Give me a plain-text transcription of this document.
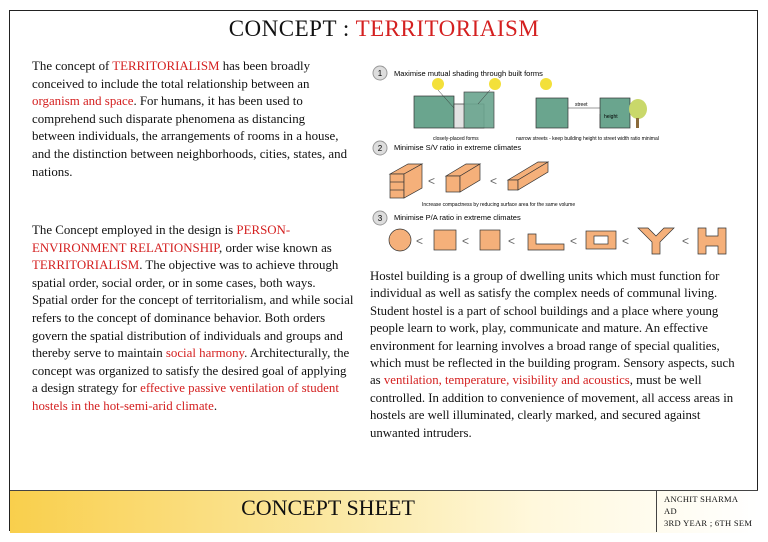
CONCEPT : TERRITORIAISM
The concept of TERRITORIALISM has been broadly conceived to include the total relationship between an organism and space. For humans, it has been used to comprehend such disparate phenomena as distancing between individuals, the arrangements of rooms in a house, and the distinction between neighborhoods, cities, states, and nations.
The Concept employed in the design is PERSON-ENVIRONMENT RELATIONSHIP, order wise known as TERRITORIALISM. The objective was to achieve through spatial order, social order, or in some cases, both ways. Spatial order for the concept of territorialism, and while social refers to the concept of dominance behavior. Both orders govern the spatial distribution of individuals and groups and thereby serve to maintain social harmony. Architecturally, the concept was organized to satisfy the desired goal of applying a design strategy for effective passive ventilation of student hostels in the hot-semi-arid climate.
1 Maximise mutual shading through built forms
closely-placed forms
street
height
narrow streets - keep building height to street width ratio minimal
2 Minimise S/V ratio in extreme climates
<	<
Increase compactness by reducing surface area for the same volume
3 Minimise P/A ratio in extreme climates
<	<	<	<	<	<
Hostel building is a group of dwelling units which must function for individual as well as satisfy the complex needs of communal living. Student hostel is a part of school buildings and a place where young people learn to work, play, communicate and mature. An effective environment for learning involves a broad range of special qualities, which must be reflected in the building program. Sensory aspects, such as ventilation, temperature, visibility and acoustics, must be well controlled. In addition to convenience of movement, all access areas in hostels are well illuminated, clearly marked, and secured against unwanted intruders.
CONCEPT SHEET	ANCHIT SHARMA
AD
3RD YEAR ; 6TH SEM
